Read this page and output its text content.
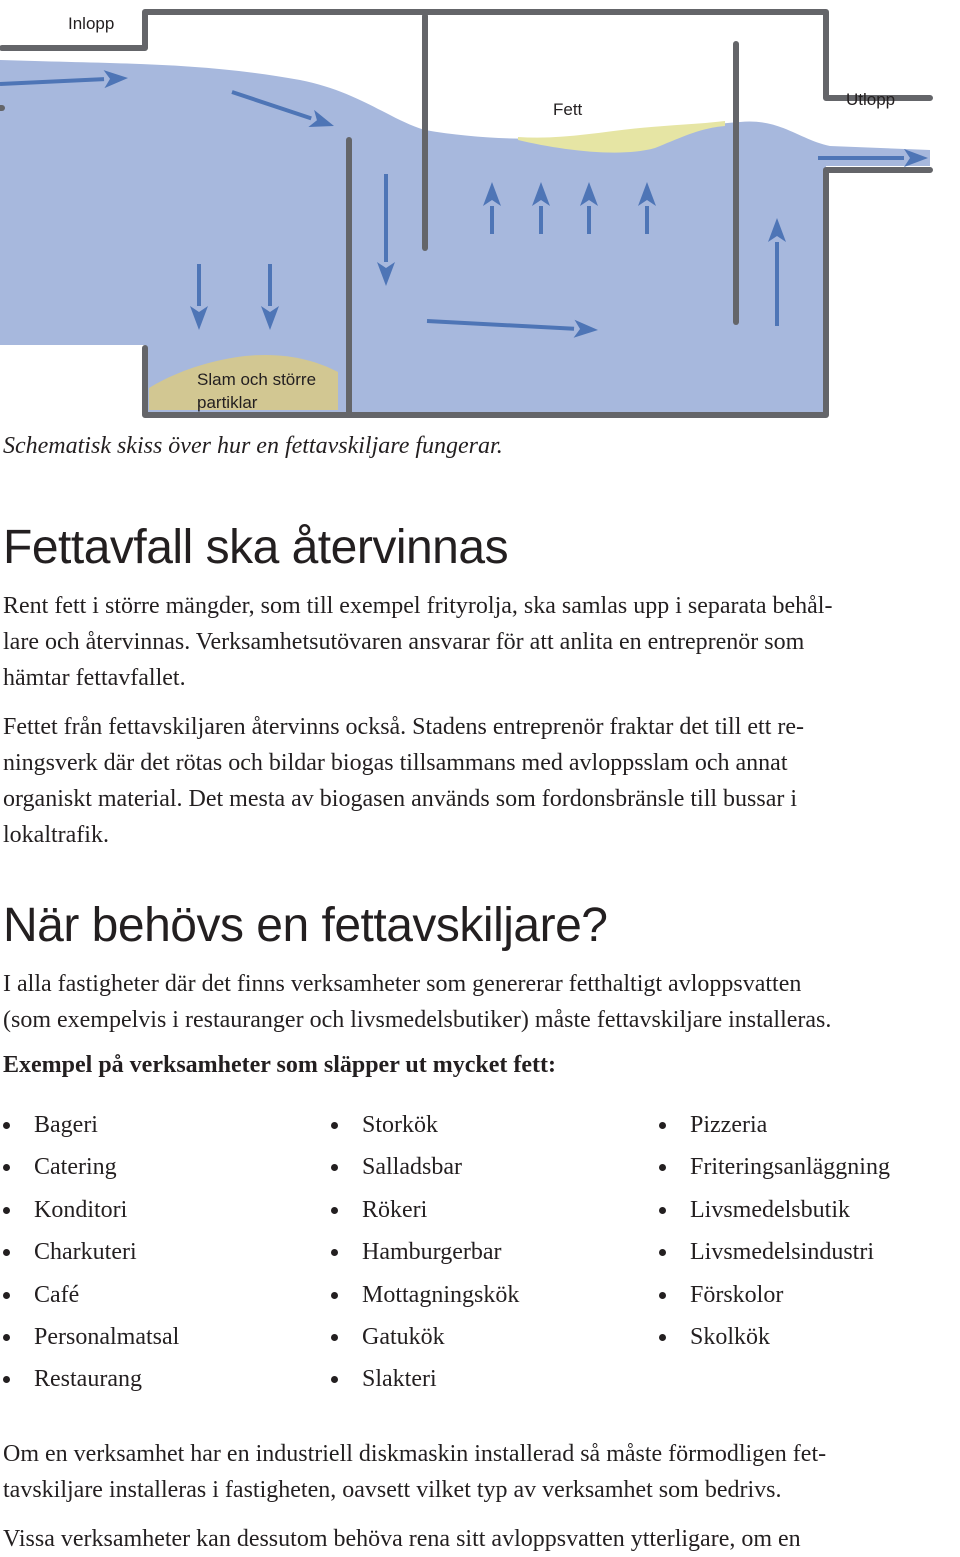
Inlopp
Fett
Utlopp
Slam och större
partiklar
Schematisk skiss över hur en fettavskiljare fungerar.
Fettavfall ska återvinnas

Rent fett i större mängder, som till exempel frityrolja, ska samlas upp i separata behål-
lare och återvinnas. Verksamhetsutövaren ansvarar för att anlita en entreprenör som
hämtar fettavfallet.

Fettet från fettavskiljaren återvinns också. Stadens entreprenör fraktar det till ett re-
ningsverk där det rötas och bildar biogas tillsammans med avloppsslam och annat
organiskt material. Det mesta av biogasen används som fordonsbränsle till bussar i
lokaltrafik.

När behövs en fettavskiljare?

I alla fastigheter där det finns verksamheter som genererar fetthaltigt avloppsvatten
(som exempelvis i restauranger och livsmedelsbutiker) måste fettavskiljare installeras.

Exempel på verksamheter som släpper ut mycket fett:
Bageri
Catering
Konditori
Charkuteri
Café
Personalmatsal
Restaurang
Storkök
Salladsbar
Rökeri
Hamburgerbar
Mottagningskök
Gatukök
Slakteri
Pizzeria
Friteringsanläggning
Livsmedelsbutik
Livsmedelsindustri
Förskolor
Skolkök

Om en verksamhet har en industriell diskmaskin installerad så måste förmodligen fet-
tavskiljare installeras i fastigheten, oavsett vilket typ av verksamhet som bedrivs.

Vissa verksamheter kan dessutom behöva rena sitt avloppsvatten ytterligare, om en
